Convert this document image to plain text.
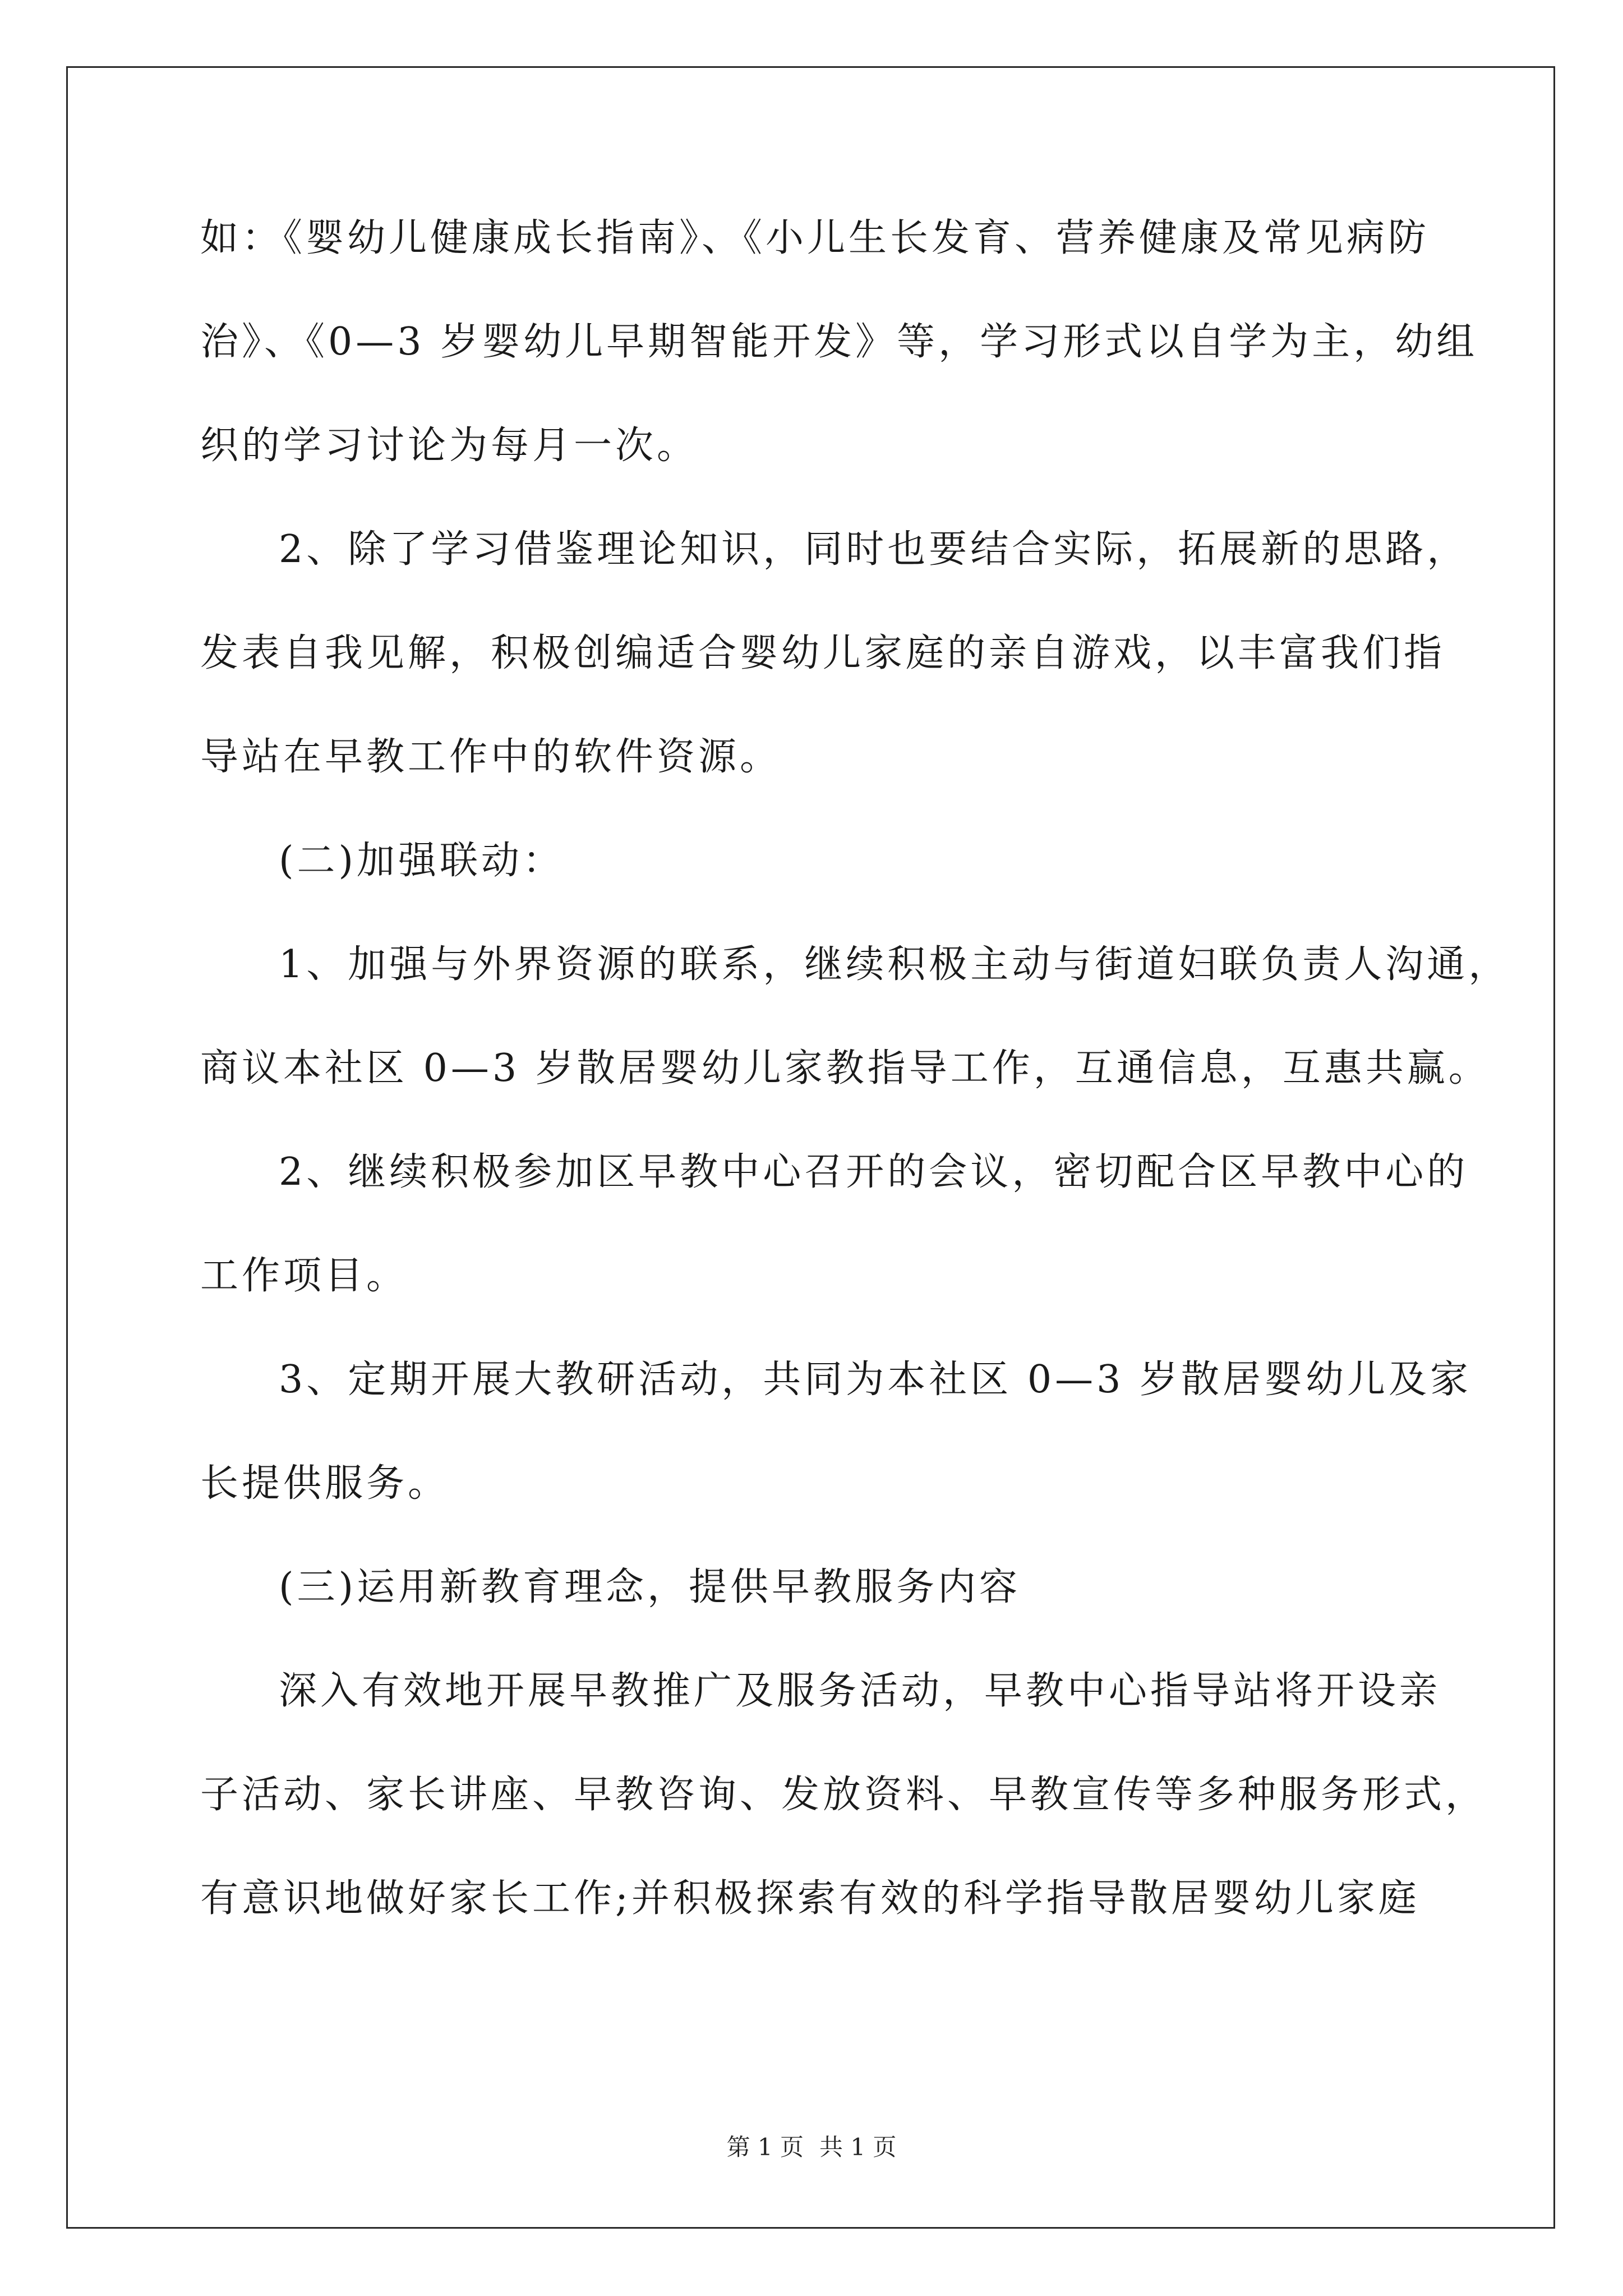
如：《婴幼儿健康成长指南》、《小儿生长发育、营养健康及常见病防
治》、《0—3 岁婴幼儿早期智能开发》等，学习形式以自学为主，幼组
织的学习讨论为每月一次。
2、除了学习借鉴理论知识，同时也要结合实际，拓展新的思路，
发表自我见解，积极创编适合婴幼儿家庭的亲自游戏，以丰富我们指
导站在早教工作中的软件资源。
(二)加强联动：
1、加强与外界资源的联系，继续积极主动与街道妇联负责人沟通，
商议本社区 0—3 岁散居婴幼儿家教指导工作，互通信息，互惠共赢。
2、继续积极参加区早教中心召开的会议，密切配合区早教中心的
工作项目。
3、定期开展大教研活动，共同为本社区 0—3 岁散居婴幼儿及家
长提供服务。
(三)运用新教育理念，提供早教服务内容
深入有效地开展早教推广及服务活动，早教中心指导站将开设亲
子活动、家长讲座、早教咨询、发放资料、早教宣传等多种服务形式，
有意识地做好家长工作;并积极探索有效的科学指导散居婴幼儿家庭
第 1 页 共 1 页
